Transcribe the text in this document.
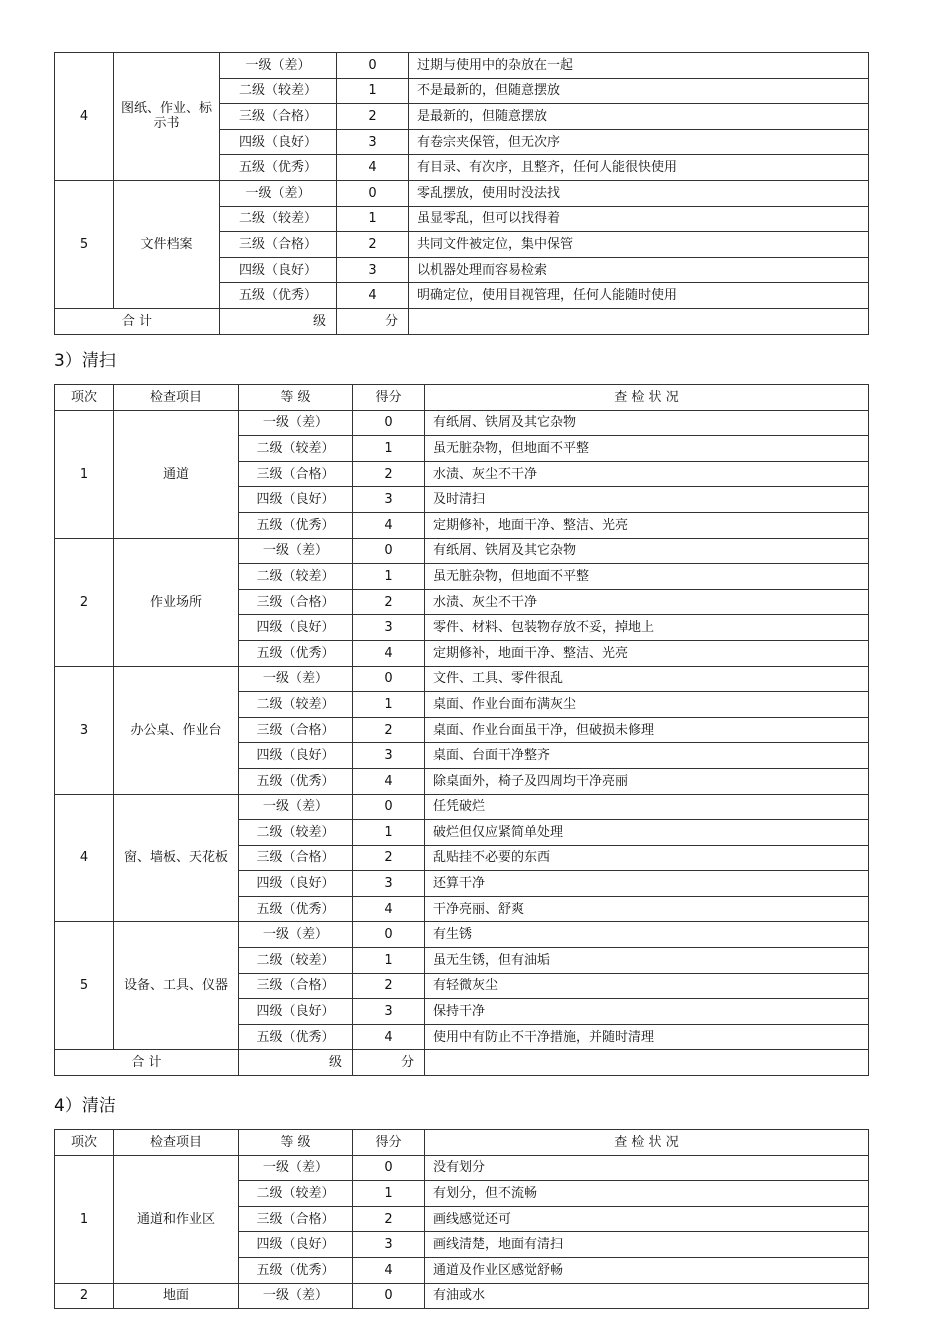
4	图纸、作业、标示书	一级（差）	0	过期与使用中的杂放在一起
		二级（较差）	1	不是最新的，但随意摆放
		三级（合格）	2	是最新的，但随意摆放
		四级（良好）	3	有卷宗夹保管，但无次序
		五级（优秀）	4	有目录、有次序，且整齐，任何人能很快使用
5	文件档案	一级（差）	0	零乱摆放，使用时没法找
		二级（较差）	1	虽显零乱，但可以找得着
		三级（合格）	2	共同文件被定位，集中保管
		四级（良好）	3	以机器处理而容易检索
		五级（优秀）	4	明确定位，使用目视管理，任何人能随时使用
合 计		级	分	
3）清扫
项次	检查项目	等 级	得分	查 检 状 况
1	通道	一级（差）	0	有纸屑、铁屑及其它杂物
		二级（较差）	1	虽无脏杂物，但地面不平整
		三级（合格）	2	水渍、灰尘不干净
		四级（良好）	3	及时清扫
		五级（优秀）	4	定期修补，地面干净、整洁、光亮
2	作业场所	一级（差）	0	有纸屑、铁屑及其它杂物
		二级（较差）	1	虽无脏杂物，但地面不平整
		三级（合格）	2	水渍、灰尘不干净
		四级（良好）	3	零件、材料、包装物存放不妥，掉地上
		五级（优秀）	4	定期修补，地面干净、整洁、光亮
3	办公桌、作业台	一级（差）	0	文件、工具、零件很乱
		二级（较差）	1	桌面、作业台面布满灰尘
		三级（合格）	2	桌面、作业台面虽干净，但破损未修理
		四级（良好）	3	桌面、台面干净整齐
		五级（优秀）	4	除桌面外，椅子及四周均干净亮丽
4	窗、墙板、天花板	一级（差）	0	任凭破烂
		二级（较差）	1	破烂但仅应紧简单处理
		三级（合格）	2	乱贴挂不必要的东西
		四级（良好）	3	还算干净
		五级（优秀）	4	干净亮丽、舒爽
5	设备、工具、仪器	一级（差）	0	有生锈
		二级（较差）	1	虽无生锈，但有油垢
		三级（合格）	2	有轻微灰尘
		四级（良好）	3	保持干净
		五级（优秀）	4	使用中有防止不干净措施，并随时清理
合 计		级	分	
4）清洁
项次	检查项目	等 级	得分	查 检 状 况
1	通道和作业区	一级（差）	0	没有划分
		二级（较差）	1	有划分，但不流畅
		三级（合格）	2	画线感觉还可
		四级（良好）	3	画线清楚，地面有清扫
		五级（优秀）	4	通道及作业区感觉舒畅
2	地面	一级（差）	0	有油或水
